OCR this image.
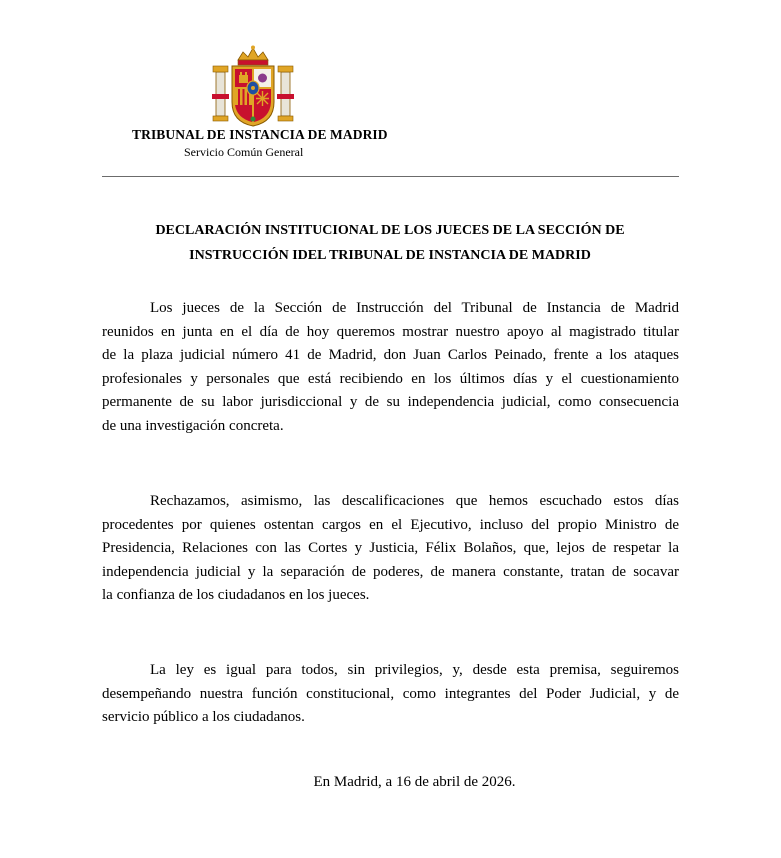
TRIBUNAL DE INSTANCIA DE MADRID
Servicio Común General
DECLARACIÓN INSTITUCIONAL DE LOS JUECES DE LA SECCIÓN DE
INSTRUCCIÓN IDEL TRIBUNAL DE INSTANCIA DE MADRID
Los jueces de la Sección de Instrucción del Tribunal de Instancia de Madrid
reunidos en junta en el día de hoy queremos mostrar nuestro apoyo al magistrado titular
de la plaza judicial número 41 de Madrid, don Juan Carlos Peinado, frente a los ataques
profesionales y personales que está recibiendo en los últimos días y el cuestionamiento
permanente de su labor jurisdiccional y de su independencia judicial, como consecuencia
de una investigación concreta.
Rechazamos, asimismo, las descalificaciones que hemos escuchado estos días
procedentes por quienes ostentan cargos en el Ejecutivo, incluso del propio Ministro de
Presidencia, Relaciones con las Cortes y Justicia, Félix Bolaños, que, lejos de respetar la
independencia judicial y la separación de poderes, de manera constante, tratan de socavar
la confianza de los ciudadanos en los jueces.
La ley es igual para todos, sin privilegios, y, desde esta premisa, seguiremos
desempeñando nuestra función constitucional, como integrantes del Poder Judicial, y de
servicio público a los ciudadanos.
En Madrid, a 16 de abril de 2026.
